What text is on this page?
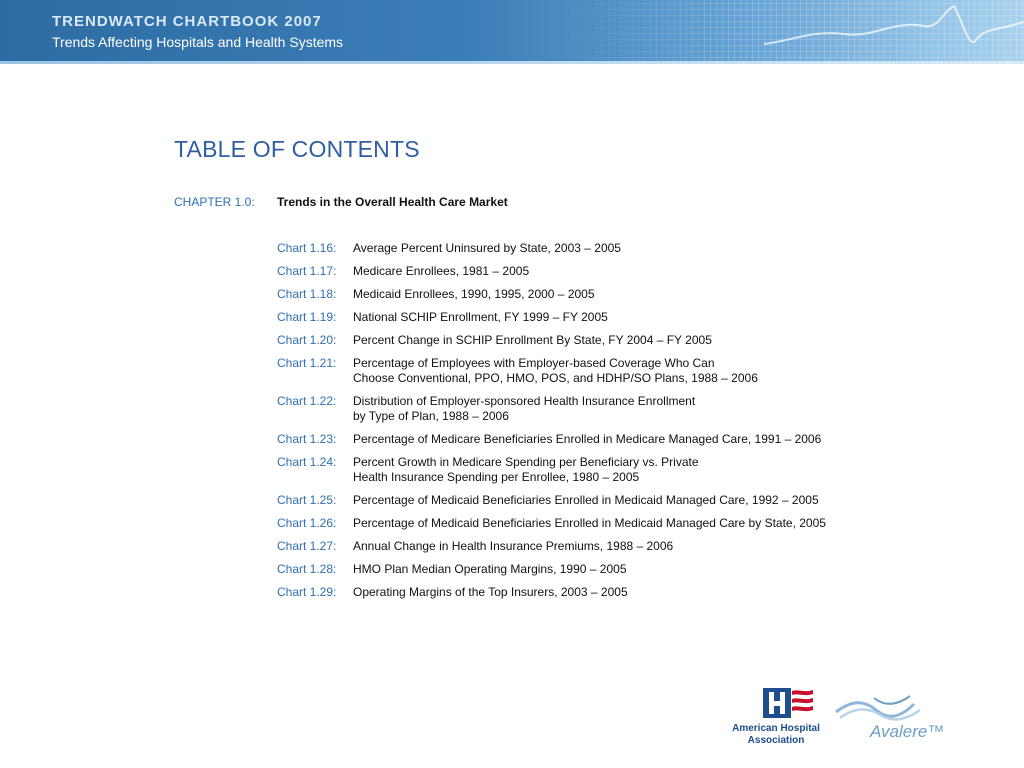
TRENDWATCH CHARTBOOK 2007
Trends Affecting Hospitals and Health Systems
TABLE OF CONTENTS
CHAPTER 1.0: Trends in the Overall Health Care Market
Chart 1.16:	Average Percent Uninsured by State, 2003 – 2005
Chart 1.17:	Medicare Enrollees, 1981 – 2005
Chart 1.18:	Medicaid Enrollees, 1990, 1995, 2000 – 2005
Chart 1.19:	National SCHIP Enrollment, FY 1999 – FY 2005
Chart 1.20:	Percent Change in SCHIP Enrollment By State, FY 2004 – FY 2005
Chart 1.21:	Percentage of Employees with Employer-based Coverage Who Can
Choose Conventional, PPO, HMO, POS, and HDHP/SO Plans, 1988 – 2006
Chart 1.22:	Distribution of Employer-sponsored Health Insurance Enrollment
by Type of Plan, 1988 – 2006
Chart 1.23:	Percentage of Medicare Beneficiaries Enrolled in Medicare Managed Care, 1991 – 2006
Chart 1.24:	Percent Growth in Medicare Spending per Beneficiary vs. Private
Health Insurance Spending per Enrollee, 1980 – 2005
Chart 1.25:	Percentage of Medicaid Beneficiaries Enrolled in Medicaid Managed Care, 1992 – 2005
Chart 1.26:	Percentage of Medicaid Beneficiaries Enrolled in Medicaid Managed Care by State, 2005
Chart 1.27:	Annual Change in Health Insurance Premiums, 1988 – 2006
Chart 1.28:	HMO Plan Median Operating Margins, 1990 – 2005
Chart 1.29:	Operating Margins of the Top Insurers, 2003 – 2005
American Hospital
Association	Avalere™
